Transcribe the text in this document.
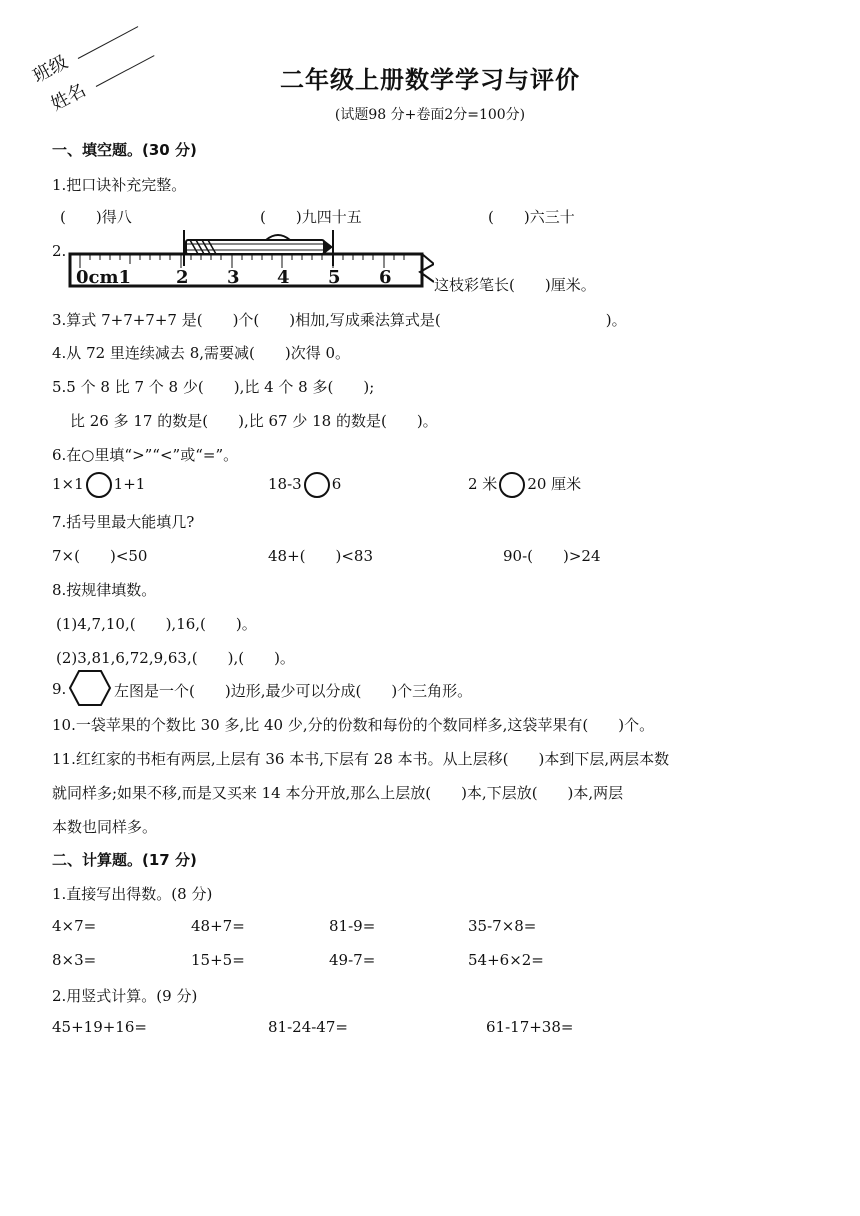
班级
姓名	二年级上册数学学习与评价
(试题98 分+卷面2分=100分)
一、填空题。(30 分)
1.把口诀补充完整。
(　　)得八	(　　)九四十五	(　　)六三十
2.
0cm1 2 3 4 5 6	这枝彩笔长(　　)厘米。
3.算式 7+7+7+7 是(　　)个(　　)相加,写成乘法算式是(　　　　　　　　　　　)。
4.从 72 里连续减去 8,需要减(　　)次得 0。
5.5 个 8 比 7 个 8 少(　　),比 4 个 8 多(　　);
比 26 多 17 的数是(　　),比 67 少 18 的数是(　　)。
6.在○里填“>”“<”或“=”。
1×1 1+1	18-3 6	2 米 20 厘米
7.括号里最大能填几?
7×(　　)<50	48+(　　)<83	90-(　　)>24
8.按规律填数。
(1)4,7,10,(　　),16,(　　)。
(2)3,81,6,72,9,63,(　　),(　　)。
9.	左图是一个(　　)边形,最少可以分成(　　)个三角形。
10.一袋苹果的个数比 30 多,比 40 少,分的份数和每份的个数同样多,这袋苹果有(　　)个。
11.红红家的书柜有两层,上层有 36 本书,下层有 28 本书。从上层移(　　)本到下层,两层本数
就同样多;如果不移,而是又买来 14 本分开放,那么上层放(　　)本,下层放(　　)本,两层
本数也同样多。
二、计算题。(17 分)
1.直接写出得数。(8 分)
4×7=	48+7=	81-9=	35-7×8=
8×3=	15+5=	49-7=	54+6×2=
2.用竖式计算。(9 分)
45+19+16=	81-24-47=	61-17+38=
